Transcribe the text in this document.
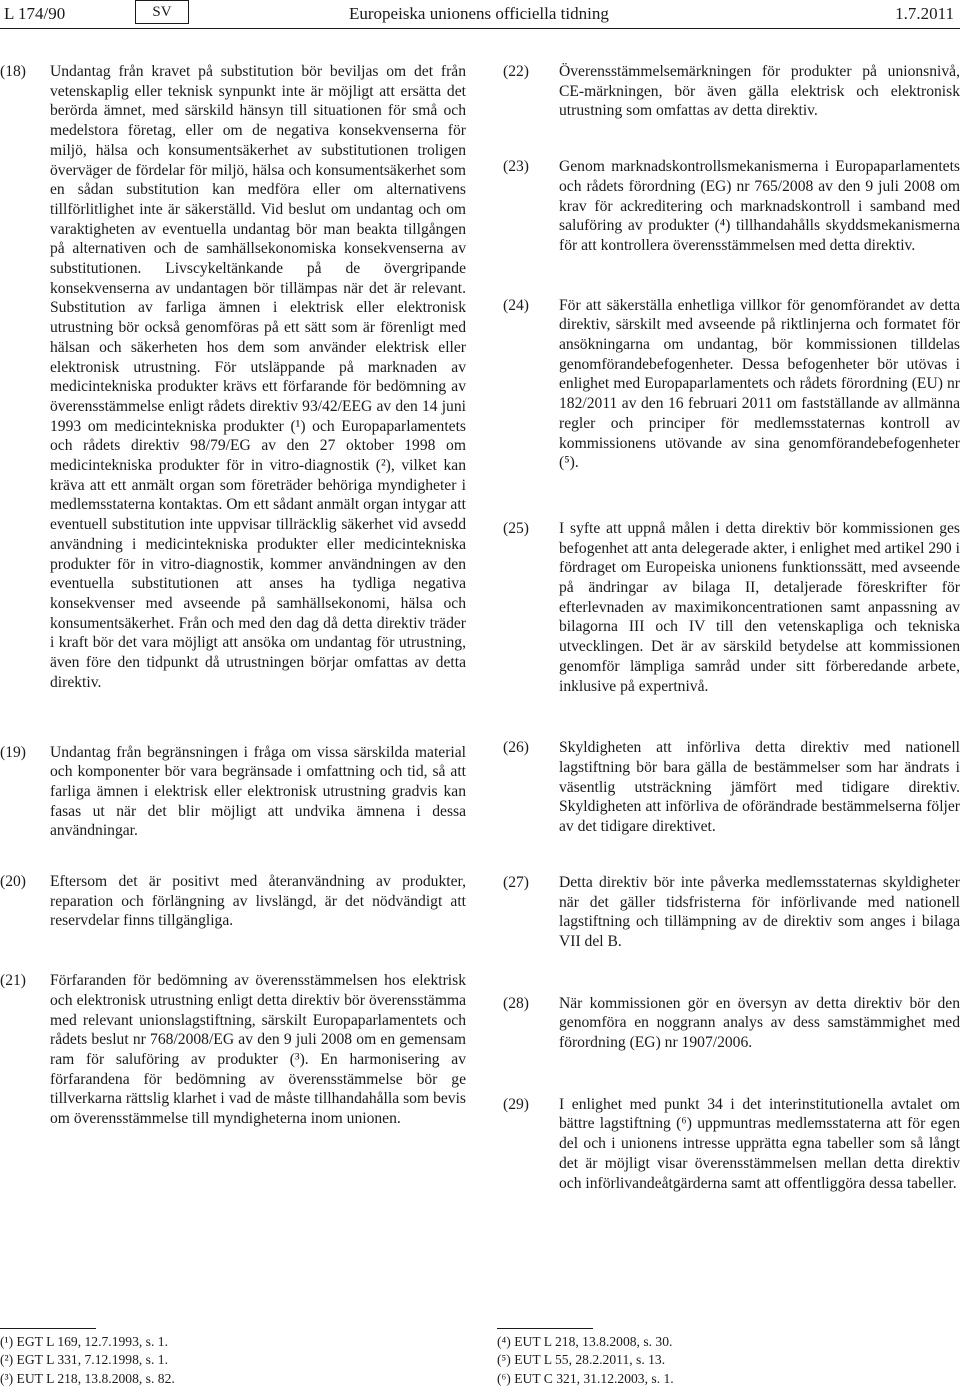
L 174/90	SV	Europeiska unionens officiella tidning	1.7.2011
(18)	Undantag från kravet på substitution bör beviljas om det från vetenskaplig eller teknisk synpunkt inte är möjligt att ersätta det berörda ämnet, med särskild hänsyn till situationen för små och medelstora företag, eller om de negativa konsekvenserna för miljö, hälsa och konsumentsäkerhet av substitutionen troligen överväger de fördelar för miljö, hälsa och konsumentsäkerhet som en sådan substitution kan medföra eller om alternativens tillförlitlighet inte är säkerställd. Vid beslut om undantag och om varaktigheten av eventuella undantag bör man beakta tillgången på alternativen och de samhällsekonomiska konsekvenserna av substitutionen. Livscykeltänkande på de övergripande konsekvenserna av undantagen bör tillämpas när det är relevant. Substitution av farliga ämnen i elektrisk eller elektronisk utrustning bör också genomföras på ett sätt som är förenligt med hälsan och säkerheten hos dem som använder elektrisk eller elektronisk utrustning. För utsläppande på marknaden av medicintekniska produkter krävs ett förfarande för bedömning av överensstämmelse enligt rådets direktiv 93/42/EEG av den 14 juni 1993 om medicintekniska produkter (¹) och Europaparlamentets och rådets direktiv 98/79/EG av den 27 oktober 1998 om medicintekniska produkter för in vitro-diagnostik (²), vilket kan kräva att ett anmält organ som företräder behöriga myndigheter i medlemsstaterna kontaktas. Om ett sådant anmält organ intygar att eventuell substitution inte uppvisar tillräcklig säkerhet vid avsedd användning i medicintekniska produkter eller medicintekniska produkter för in vitro-diagnostik, kommer användningen av den eventuella substitutionen att anses ha tydliga negativa konsekvenser med avseende på samhällsekonomi, hälsa och konsumentsäkerhet. Från och med den dag då detta direktiv träder i kraft bör det vara möjligt att ansöka om undantag för utrustning, även före den tidpunkt då utrustningen börjar omfattas av detta direktiv.
(19)	Undantag från begränsningen i fråga om vissa särskilda material och komponenter bör vara begränsade i omfattning och tid, så att farliga ämnen i elektrisk eller elektronisk utrustning gradvis kan fasas ut när det blir möjligt att undvika ämnena i dessa användningar.
(20)	Eftersom det är positivt med återanvändning av produkter, reparation och förlängning av livslängd, är det nödvändigt att reservdelar finns tillgängliga.
(21)	Förfaranden för bedömning av överensstämmelsen hos elektrisk och elektronisk utrustning enligt detta direktiv bör överensstämma med relevant unionslagstiftning, särskilt Europaparlamentets och rådets beslut nr 768/2008/EG av den 9 juli 2008 om en gemensam ram för saluföring av produkter (³). En harmonisering av förfarandena för bedömning av överensstämmelse bör ge tillverkarna rättslig klarhet i vad de måste tillhandahålla som bevis om överensstämmelse till myndigheterna inom unionen.
(22)	Överensstämmelsemärkningen för produkter på unionsnivå, CE-märkningen, bör även gälla elektrisk och elektronisk utrustning som omfattas av detta direktiv.
(23)	Genom marknadskontrollsmekanismerna i Europaparlamentets och rådets förordning (EG) nr 765/2008 av den 9 juli 2008 om krav för ackreditering och marknadskontroll i samband med saluföring av produkter (⁴) tillhandahålls skyddsmekanismerna för att kontrollera överensstämmelsen med detta direktiv.
(24)	För att säkerställa enhetliga villkor för genomförandet av detta direktiv, särskilt med avseende på riktlinjerna och formatet för ansökningarna om undantag, bör kommissionen tilldelas genomförandebefogenheter. Dessa befogenheter bör utövas i enlighet med Europaparlamentets och rådets förordning (EU) nr 182/2011 av den 16 februari 2011 om fastställande av allmänna regler och principer för medlemsstaternas kontroll av kommissionens utövande av sina genomförandebefogenheter (⁵).
(25)	I syfte att uppnå målen i detta direktiv bör kommissionen ges befogenhet att anta delegerade akter, i enlighet med artikel 290 i fördraget om Europeiska unionens funktionssätt, med avseende på ändringar av bilaga II, detaljerade föreskrifter för efterlevnaden av maximikoncentrationen samt anpassning av bilagorna III och IV till den vetenskapliga och tekniska utvecklingen. Det är av särskild betydelse att kommissionen genomför lämpliga samråd under sitt förberedande arbete, inklusive på expertnivå.
(26)	Skyldigheten att införliva detta direktiv med nationell lagstiftning bör bara gälla de bestämmelser som har ändrats i väsentlig utsträckning jämfört med tidigare direktiv. Skyldigheten att införliva de oförändrade bestämmelserna följer av det tidigare direktivet.
(27)	Detta direktiv bör inte påverka medlemsstaternas skyldigheter när det gäller tidsfristerna för införlivande med nationell lagstiftning och tillämpning av de direktiv som anges i bilaga VII del B.
(28)	När kommissionen gör en översyn av detta direktiv bör den genomföra en noggrann analys av dess samstämmighet med förordning (EG) nr 1907/2006.
(29)	I enlighet med punkt 34 i det interinstitutionella avtalet om bättre lagstiftning (⁶) uppmuntras medlemsstaterna att för egen del och i unionens intresse upprätta egna tabeller som så långt det är möjligt visar överensstämmelsen mellan detta direktiv och införlivandeåtgärderna samt att offentliggöra dessa tabeller.
(¹) EGT L 169, 12.7.1993, s. 1.
(²) EGT L 331, 7.12.1998, s. 1.
(³) EUT L 218, 13.8.2008, s. 82.
(⁴) EUT L 218, 13.8.2008, s. 30.
(⁵) EUT L 55, 28.2.2011, s. 13.
(⁶) EUT C 321, 31.12.2003, s. 1.
